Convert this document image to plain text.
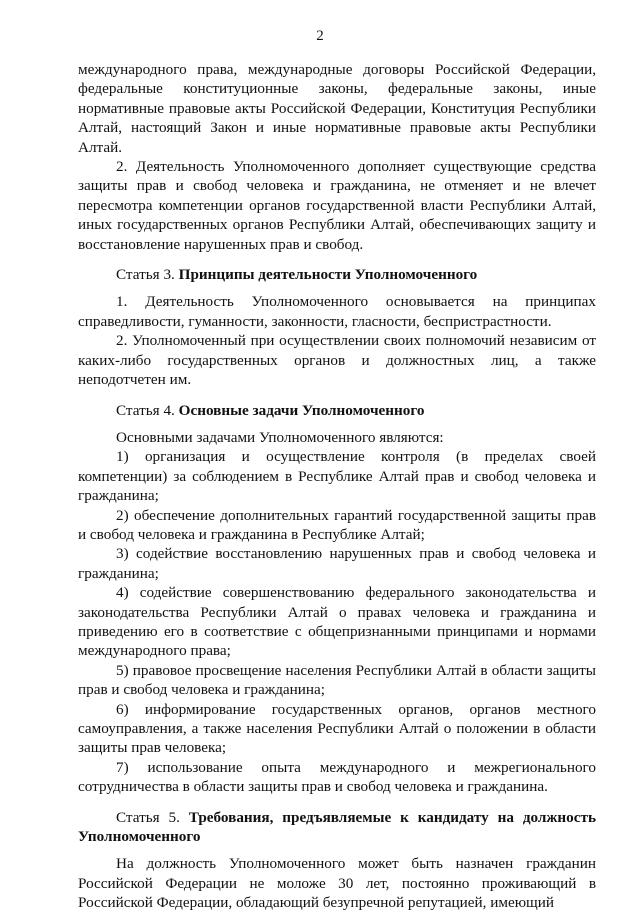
2

международного права, международные договоры Российской Федерации, федеральные конституционные законы, федеральные законы, иные нормативные правовые акты Российской Федерации, Конституция Республики Алтай, настоящий Закон и иные нормативные правовые акты Республики Алтай.

2. Деятельность Уполномоченного дополняет существующие средства защиты прав и свобод человека и гражданина, не отменяет и не влечет пересмотра компетенции органов государственной власти Республики Алтай, иных государственных органов Республики Алтай, обеспечивающих защиту и восстановление нарушенных прав и свобод.

Статья 3. Принципы деятельности Уполномоченного

1. Деятельность Уполномоченного основывается на принципах справедливости, гуманности, законности, гласности, беспристрастности.

2. Уполномоченный при осуществлении своих полномочий независим от каких-либо государственных органов и должностных лиц, а также неподотчетен им.

Статья 4. Основные задачи Уполномоченного

Основными задачами Уполномоченного являются:

1) организация и осуществление контроля (в пределах своей компетенции) за соблюдением в Республике Алтай прав и свобод человека и гражданина;

2) обеспечение дополнительных гарантий государственной защиты прав и свобод человека и гражданина в Республике Алтай;

3) содействие восстановлению нарушенных прав и свобод человека и гражданина;

4) содействие совершенствованию федерального законодательства и законодательства Республики Алтай о правах человека и гражданина и приведению его в соответствие с общепризнанными принципами и нормами международного права;

5) правовое просвещение населения Республики Алтай в области защиты прав и свобод человека и гражданина;

6) информирование государственных органов, органов местного самоуправления, а также населения Республики Алтай о положении в области защиты прав человека;

7) использование опыта международного и межрегионального сотрудничества в области защиты прав и свобод человека и гражданина.

Статья 5. Требования, предъявляемые к кандидату на должность Уполномоченного

На должность Уполномоченного может быть назначен гражданин Российской Федерации не моложе 30 лет, постоянно проживающий в Российской Федерации, обладающий безупречной репутацией, имеющий
